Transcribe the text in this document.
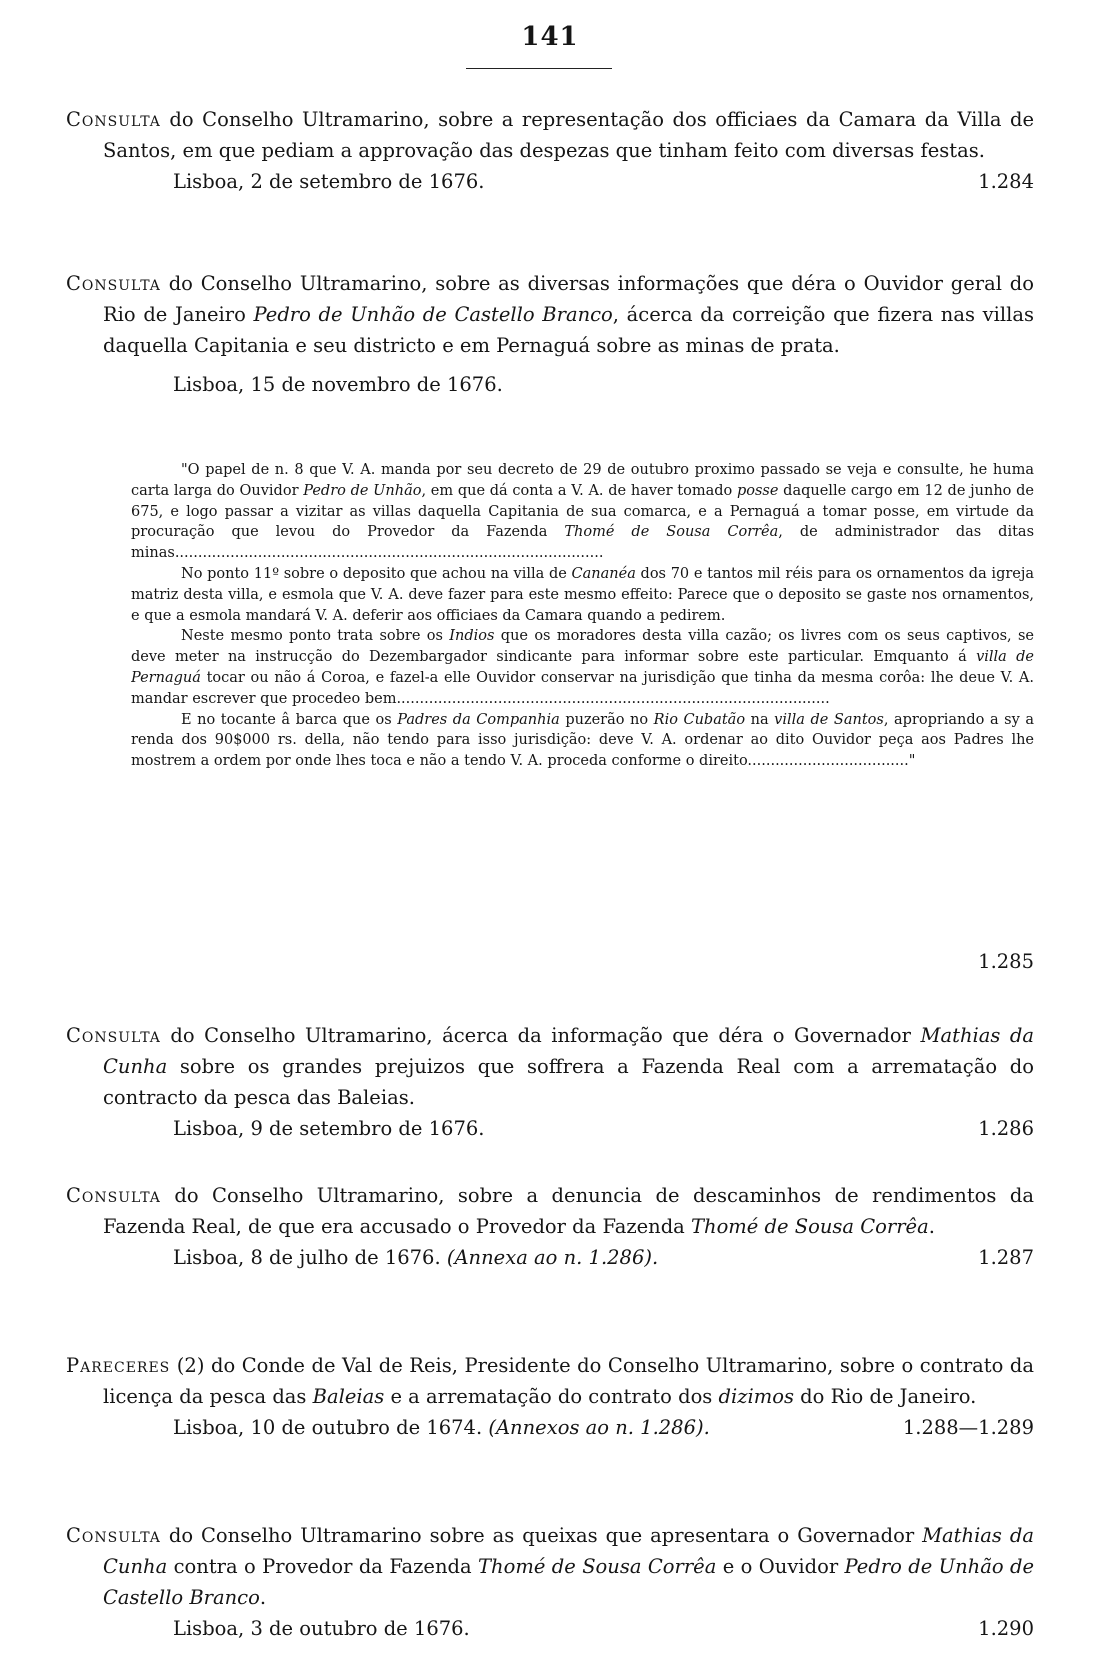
141
Consulta do Conselho Ultramarino, sobre a representação dos officiaes da Camara da Villa de Santos, em que pediam a approvação das despezas que tinham feito com diversas festas.
Lisboa, 2 de setembro de 1676.	1.284
Consulta do Conselho Ultramarino, sobre as diversas informações que déra o Ouvidor geral do Rio de Janeiro Pedro de Unhão de Castello Branco, ácerca da correição que fizera nas villas daquella Capitania e seu districto e em Pernaguá sobre as minas de prata.
Lisboa, 15 de novembro de 1676.

"O papel de n. 8 que V. A. manda por seu decreto de 29 de outubro proximo passado se veja e consulte, he huma carta larga do Ouvidor Pedro de Unhão, em que dá conta a V. A. de haver tomado posse daquelle cargo em 12 de junho de 675, e logo passar a vizitar as villas daquella Capitania de sua comarca, e a Pernaguá a tomar posse, em virtude da procuração que levou do Provedor da Fazenda Thomé de Sousa Corrêa, de administrador das ditas minas.............................................................................................

No ponto 11º sobre o deposito que achou na villa de Cananéa dos 70 e tantos mil réis para os ornamentos da igreja matriz desta villa, e esmola que V. A. deve fazer para este mesmo effeito: Parece que o deposito se gaste nos ornamentos, e que a esmola mandará V. A. deferir aos officiaes da Camara quando a pedirem.

Neste mesmo ponto trata sobre os Indios que os moradores desta villa cazão; os livres com os seus captivos, se deve meter na instrucção do Dezembargador sindicante para informar sobre este particular. Emquanto á villa de Pernaguá tocar ou não á Coroa, e fazel-a elle Ouvidor conservar na jurisdição que tinha da mesma corôa: lhe deue V. A. mandar escrever que procedeo bem..............................................................................................

E no tocante â barca que os Padres da Companhia puzerão no Rio Cubatão na villa de Santos, apropriando a sy a renda dos 90$000 rs. della, não tendo para isso jurisdição: deve V. A. ordenar ao dito Ouvidor peça aos Padres lhe mostrem a ordem por onde lhes toca e não a tendo V. A. proceda conforme o direito..................................."

1.285
Consulta do Conselho Ultramarino, ácerca da informação que déra o Governador Mathias da Cunha sobre os grandes prejuizos que soffrera a Fazenda Real com a arrematação do contracto da pesca das Baleias.
Lisboa, 9 de setembro de 1676.	1.286
Consulta do Conselho Ultramarino, sobre a denuncia de descaminhos de rendimentos da Fazenda Real, de que era accusado o Provedor da Fazenda Thomé de Sousa Corrêa.
Lisboa, 8 de julho de 1676. (Annexa ao n. 1.286).	1.287
Pareceres (2) do Conde de Val de Reis, Presidente do Conselho Ultramarino, sobre o contrato da licença da pesca das Baleias e a arrematação do contrato dos dizimos do Rio de Janeiro.
Lisboa, 10 de outubro de 1674. (Annexos ao n. 1.286).	1.288—1.289
Consulta do Conselho Ultramarino sobre as queixas que apresentara o Governador Mathias da Cunha contra o Provedor da Fazenda Thomé de Sousa Corrêa e o Ouvidor Pedro de Unhão de Castello Branco.
Lisboa, 3 de outubro de 1676.	1.290
